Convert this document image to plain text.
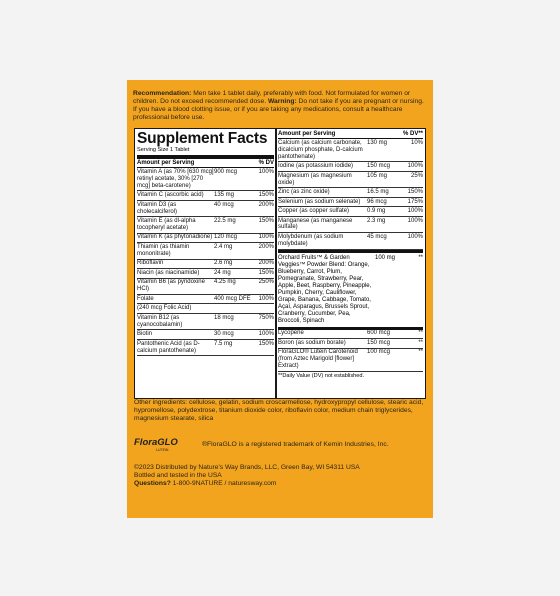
Recommendation: Men take 1 tablet daily, preferably with food. Not formulated for women or children. Do not exceed recommended dose. Warning: Do not take if you are pregnant or nursing. If you have a blood clotting issue, or if you are taking any medications, consult a healthcare professional before use.
Supplement Facts
Serving Size 1 Tablet
Amount per Serving	% DV
Vitamin A (as 70% [630 mcg] retinyl acetate, 30% [270 mcg] beta-carotene)
900 mcg	100%
Vitamin C (ascorbic acid)	135 mg	150%
Vitamin D3 (as cholecalciferol)
40 mcg	200%
Vitamin E (as dl-alpha tocopheryl acetate)
22.5 mg	150%
Vitamin K (as phytonadione) 120 mcg	100%
Thiamin (as thiamin mononitrate)
2.4 mg	200%
Riboflavin	2.6 mg	200%
Niacin (as niacinamide)	24 mg	150%
Vitamin B6 (as pyridoxine HCl)
4.25 mg	250%
Folate	400 mcg DFE	100%
(240 mcg Folic Acid)
Vitamin B12 (as cyanocobalamin)
18 mcg	750%
Biotin	30 mcg	100%
Pantothenic Acid (as D-calcium pantothenate)
7.5 mg	150%
Amount per Serving	% DV**
Calcium (as calcium carbonate, dicalcium phosphate, D-calcium pantothenate)
130 mg	10%
Iodine (as potassium iodide)	150 mcg	100%
Magnesium (as magnesium oxide)
105 mg	25%
Zinc (as zinc oxide)	16.5 mg	150%
Selenium (as sodium selenate)	96 mcg	175%
Copper (as copper sulfate)	0.9 mg	100%
Manganese (as manganese sulfate)
2.3 mg	100%
Molybdenum (as sodium molybdate)
45 mcg	100%
Orchard Fruits™ & Garden Veggies™ Powder Blend: Orange, Blueberry, Carrot, Plum, Pomegranate, Strawberry, Pear, Apple, Beet, Raspberry, Pineapple, Pumpkin, Cherry, Cauliflower, Grape, Banana, Cabbage, Tomato, Açaí, Asparagus, Brussels Sprout, Cranberry, Cucumber, Pea, Broccoli, Spinach
100 mg	**
Lycopene	600 mcg	**
Boron (as sodium borate)	150 mcg	**
FloraGLO® Lutein Carotenoid (from Aztec Marigold [flower] Extract)
100 mcg	**
**Daily Value (DV) not established.
Other ingredients: cellulose, gelatin, sodium croscarmellose, hydroxypropyl cellulose, stearic acid, hypromellose, polydextrose, titanium dioxide color, riboflavin color, medium chain triglycerides, magnesium stearate, silica
FloraGLO
LUTEIN
®FloraGLO is a registered trademark of Kemin Industries, Inc.
©2023 Distributed by Nature's Way Brands, LLC, Green Bay, WI 54311 USA
Bottled and tested in the USA
Questions? 1-800-9NATURE / naturesway.com
